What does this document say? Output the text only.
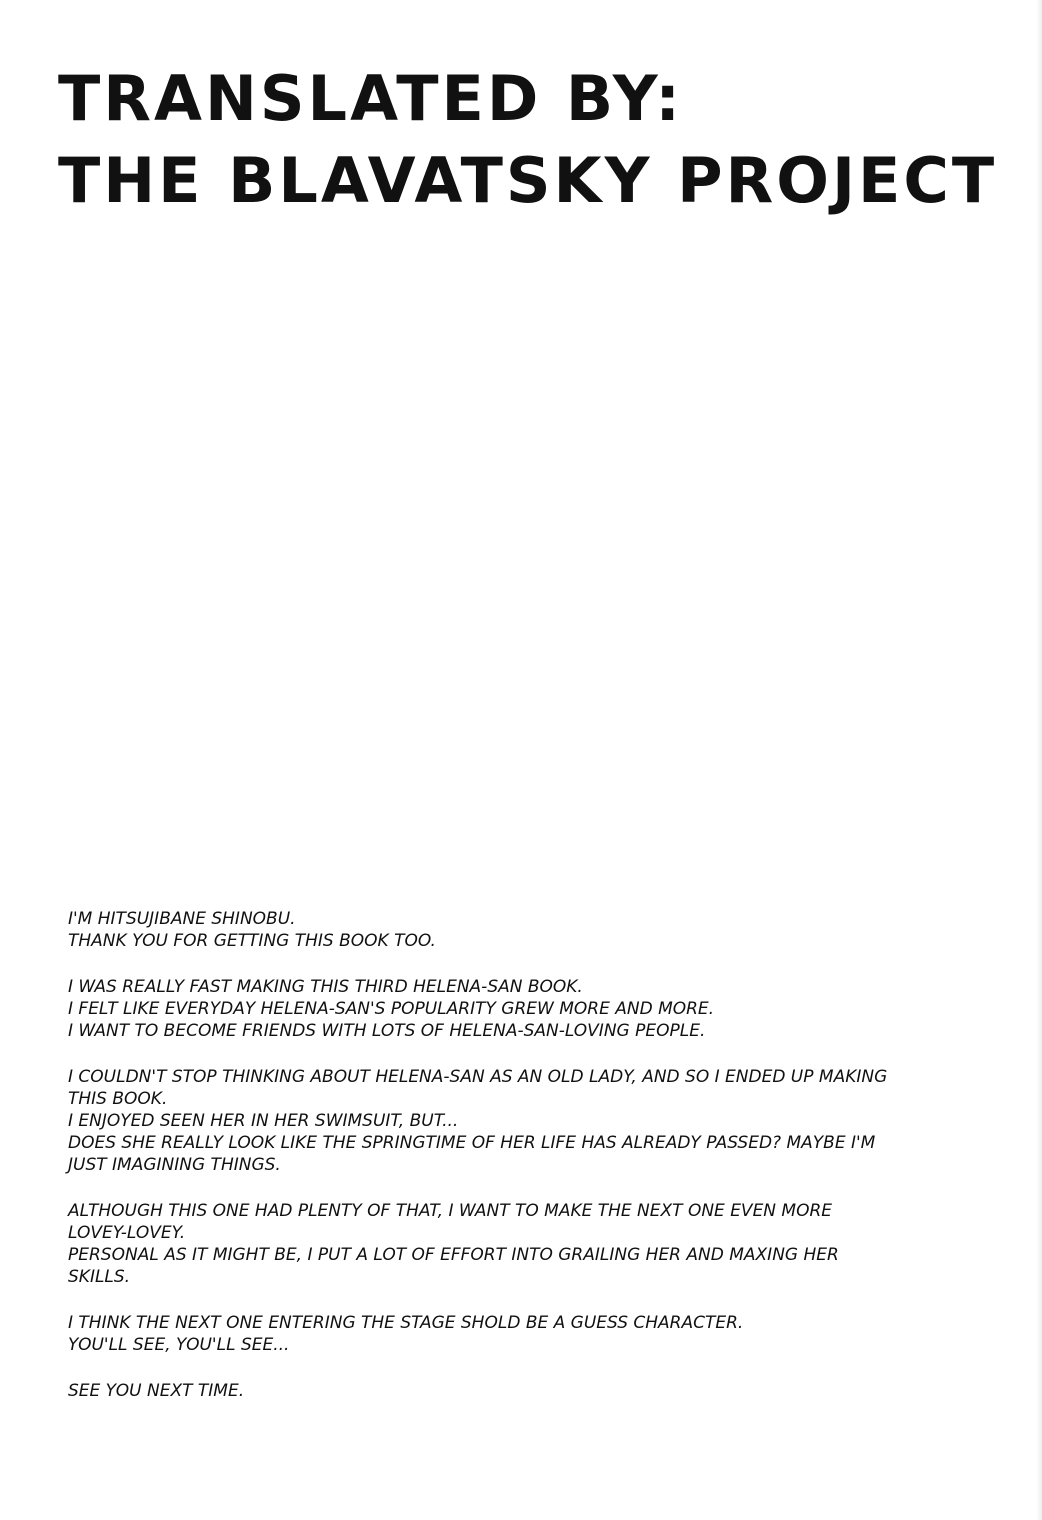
TRANSLATED BY:
THE BLAVATSKY PROJECT

I'M HITSUJIBANE SHINOBU.
THANK YOU FOR GETTING THIS BOOK TOO.

I WAS REALLY FAST MAKING THIS THIRD HELENA-SAN BOOK.
I FELT LIKE EVERYDAY HELENA-SAN'S POPULARITY GREW MORE AND MORE.
I WANT TO BECOME FRIENDS WITH LOTS OF HELENA-SAN-LOVING PEOPLE.

I COULDN'T STOP THINKING ABOUT HELENA-SAN AS AN OLD LADY, AND SO I ENDED UP MAKING
THIS BOOK.
I ENJOYED SEEN HER IN HER SWIMSUIT, BUT...
DOES SHE REALLY LOOK LIKE THE SPRINGTIME OF HER LIFE HAS ALREADY PASSED? MAYBE I'M
JUST IMAGINING THINGS.

ALTHOUGH THIS ONE HAD PLENTY OF THAT, I WANT TO MAKE THE NEXT ONE EVEN MORE
LOVEY-LOVEY.
PERSONAL AS IT MIGHT BE, I PUT A LOT OF EFFORT INTO GRAILING HER AND MAXING HER
SKILLS.

I THINK THE NEXT ONE ENTERING THE STAGE SHOLD BE A GUESS CHARACTER.
YOU'LL SEE, YOU'LL SEE...

SEE YOU NEXT TIME.
